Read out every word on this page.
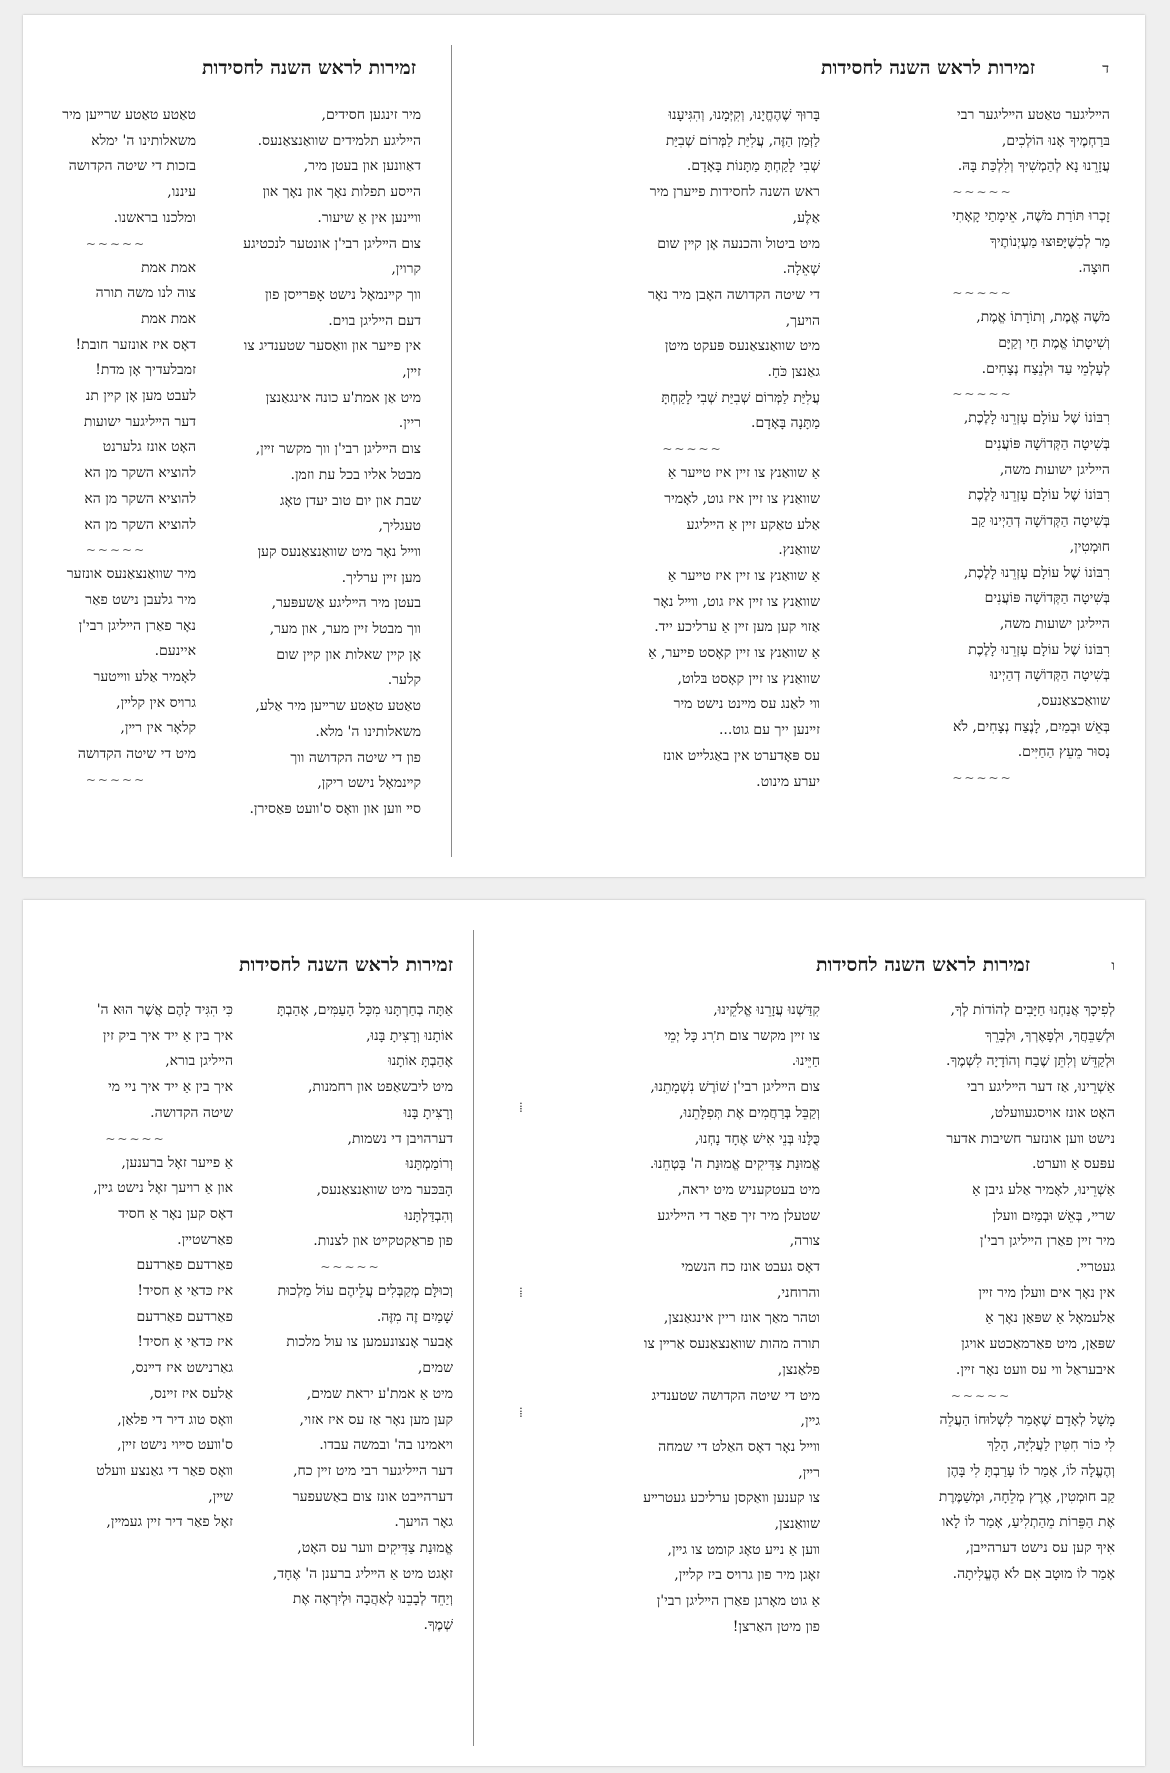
זמירות לראש השנה לחסידות	ד
הײליגער טאַטע הײליגער רבי
בּרַחְמֶיךָ אָנוּ הוֹלְכִים,
עֲזָרֵנוּ נָא לְהַמְשִׁיךְ וְלִלְכַּת בָּהּ.
~~∽~~
זָכְרוּ תּוֹרַת מֹשֶׁה, אֵימָתַי קָאָתִי
מַר לְכִשֶּׁיָּפוּצוּ מַעְיְנוֹתֶיךָ
חוּצָה.
~~∽~~
מֹשֶׁה אֱמֶת, וְתוֹרָתוֹ אֱמֶת,
וְשִׁיטָתוֹ אֱמֶת חַי וְקַיָּם
לְעָלְמֵי עַד וּלְנֵצַח נְצָחִים.
~~∽~~
רִבּוֹנוֹ שֶׁל עוֹלָם עָזְרֵנוּ לָלֶכֶת,
בְּשִׁיטָה הַקְּדוֹשָׁה פּוֹעֲנִים
הײליגן ישועות משה,
רִבּוֹנוֹ שֶׁל עוֹלָם עָזְרֵנוּ לָלֶכֶת
בְּשִׁיטָה הַקְּדוֹשָׁה דְהַיְינוּ קַב
חוּמְטִין,
רִבּוֹנוֹ שֶׁל עוֹלָם עָזְרֵנוּ לָלֶכֶת,
בְּשִׁיטָה הַקְּדוֹשָׁה פּוֹעֲנִים
הײליגן ישועות משה,
רִבּוֹנוֹ שֶׁל עוֹלָם עָזְרֵנוּ לָלֶכֶת
בְּשִׁיטָה הַקְּדוֹשָׁה דְהַיְינוּ
שוואַכצאַנעס,
בְּאֵשׁ וּבְמַיִם, לָנֶצַח נְצָחִים, לֹא
נָסוּר מֵעֵץ הַחַיִּים.
~~∽~~
בָּרוּךְ שֶׁהֶחֱיָנוּ, וְקִיְּמָנוּ, וְהִגִּיעָנוּ
לַזְּמַן הַזֶּה, עֲלִיַּת לַמְּרוֹם שְׁבִיַּת
שְׁבִי לָקַחְתָּ מַתָּנוֹת בָּאָדָם.
ראש השנה לחסידות פײערן מיר
אַלֶע,
מיט ביטול והכנעה אָן קײן שום
שְׁאֵלָה.
די שיטה הקדושה האָבן מיר נאָר
הױעך,
מיט שוואַנצאַנעס פּעקט מיטן
גאַנצן כֹּחַ.
עֲלִיַּת לַמְּרוֹם שְׁבִיַּת שְׁבִי לָקַחְתָּ
מַתָּנָה בָּאָדָם.
~~∽~~
אַ שוואַנץ צו זײן איז טײער אַ
שוואַנץ צו זײן איז גוט, לאָמיר
אַלע טאַקע זײן אַ הײליגע
שוואַנץ.
אַ שוואַנץ צו זײן איז טײער אַ
שוואַנץ צו זײן איז גוט, װײל נאָר
אַזױ קען מען זײן אַ ערליכע ייד.
אַ שוואַנץ צו זײן קאָסט פײער, אַ
שוואַנץ צו זײן קאָסט בּלוט,
װי לאַנג עס מײנט נישט מיר
זײנען ייך עם גוט...
עס פּאָדערט אין באַגלײט אונז
יערע מינוט.
זמירות לראש השנה לחסידות
מיר זינגען חסידים,
הײליגע תלמידים שוואַנצאַנעס.
דאַוונען און בעטן מיר,
הײסע תפלות נאָך און נאָך און
װײנען אין אַ שיעור.
צום הײליגן רבי'ן אונטער לנכטיגע
קרוין,
ווך קײנמאָל נישט אָפּרײסן פון
דעם הײליגן בוים.
אין פײער און װאַסער שטענדיג צו
זײן,
מיט אַן אמת'ע כונה אינגאַנצן
ריין.
צום הײליגן רבי'ן ווך מקשר זײן,
מבטל אליו בכל עת וזמן.
שבת און יום טוב יעדן טאָג
טעגליך,
װײל נאָר מיט שוואַנצאַנעס קען
מען זײן ערליך.
בעטן מיר הײליגע אַשעפּער,
ווך מבטל זײן מער, און מער,
אָן קײן שאלות און קײן שום
קלער.
טאַטע טאַטע שרײען מיר אַלע,
משאלותינו ה' מלא.
פון די שיטה הקדושה ווך
קײנמאָל נישט ריקן,
סײ װען און װאָס ס'װעט פּאַסירן.
טאַטע טאַטע שרײען מיר
משאלותינו ה' ימלא
בזכות די שיטה הקדושה
עיננו,
ומלכנו בראשנו.
~~∽~~
אמת אמת
צוה לנו משה תורה
אמת אמת
דאָס איז אונזער חובת!
זמבלעדיך אָן מדת!
לעבט מען אָן קײן תנ
דער הײליגער ישועות
האָט אונז גלערנט
להוציא השקר מן הא
להוציא השקר מן הא
להוציא השקר מן הא
~~∽~~
מיר שוואַנצאַנעס אונזער
מיר גלעבן נישט פאַר
נאָר פאַרן הײליגן רבי'ן
איינעם.
לאָמיר אַלע װײטער
גרױס אין קלײן,
קלאָר אין רײן,
מיט די שיטה הקדושה
~~∽~~
⁞
⁞
⁞
זמירות לראש השנה לחסידות	ו
לְפִיכָךְ אֲנַחְנוּ חַיָּבִים לְהוֹדוֹת לְךָ,
וּלְשַׁבֵּחֲךָ, וּלְפָאֶרְךָ, וּלְבָרֵךְ
וּלְקַדֵּשׁ וְלִתֵּן שֶׁבַח וְהוֹדָיָה לִשְׁמֶךָ.
אַשְׁרֵינוּ, אַז דער הײליגע רבי
האָט אונז אויסגעװעלט,
נישט װען אונזער חשיבות אדער
עפּעס אַ װערט.
אַשְׁרֵינוּ, לאָמיר אַלע גיבן אַ
שרײ, בְּאֵשׁ וּבְמַיִם װעלן
מיר זײן פאַרן הײליגן רבי'ן
געטרײ.
אין נאָך אים װעלן מיר זײן
אַלעמאָל אַ שפּאַן נאָך אַ
שפּאַן, מיט פאַרמאַכטע אויגן
איבעראַל װי עס װעט נאָר זײן.
~~∽~~
מָשָׁל לְאָדָם שֶׁאָמַר לִשְׁלוּחוֹ הַעֲלֵה
לִי כּוֹר חִטִּין לַעֲלִיָּה, הָלַךְ
וְהֶעֱלָה לוֹ, אָמַר לוֹ עָרַבְתָּ לִי בָּהֶן
קַב חוּמְטִין, אֶרֶץ מְלֵחָה, וּמְשַׁמֶּרֶת
אֶת הַפֵּרוֹת מֵהַתְלִיעַ, אָמַר לוֹ לָאו
אִיךְ קען עס נישט דערהײבן,
אָמַר לוֹ מוּטָב אִם לֹא הֶעֱלִיתָה.
קִדַּשְׁנוּ עֲזָרֵנוּ אֱלֹקֵינוּ,
צו זײן מקשר צום ת'ִרג כָּל יְמֵי
חַיֵּינוּ.
צום הײליגן רבי'ן שׁוֹרֶשׁ נִשְׁמָתֵנוּ,
וְקַבֵּל בְּרַחֲמִים אֶת תְּפִלָּתֵנוּ,
כֻּלָּנוּ בְּנֵי אִישׁ אֶחָד נָחְנוּ,
אֱמוּנַת צַדִּיקִים אֱמוּנַת ה' בָּטְחֵנוּ.
מיט בעטקעניש מיט יראה,
שטעלן מיר זיך פאַר די הײליגע
צורה,
דאָס געבט אונז כח הנשמי
והרוחני,
וטהר מאַך אונז ריין אינגאַנצן,
תורה מהות שוואַנצאַנעס אַרײן צו
פלאַנצן,
מיט די שיטה הקדושה שטענדיג
גײן,
װײל נאָר דאָס האַלט די שמחה
רײן,
צו קענען װאַקסן ערליכע געטרײע
שוואַנצן,
װען אַ נײע טאָג קומט צו גײן,
זאָגן מיר פון גרױס ביז קלײן,
אַ גוט מאָרגן פאַרן הײליגן רבי'ן
פון מיטן האַרצן!
זמירות לראש השנה לחסידות
אַתָּה בְחַרְתָּנוּ מִכָּל הָעַמִּים, אָהַבְתָּ
אוֹתָנוּ וְרָצִיתָ בָּנוּ,
אָהַבְתָּ אוֹתָנוּ
מיט ליבשאַפט און רחמנות,
וְרָצִיתָ בָּנוּ
דערהױבן די נשמות,
וְרוֹמַמְתָּנוּ
הָבּכּער מיט שוואַנצאַנעס,
וְהִבְדַּלְתָּנוּ
פון פראַקטקײט און לצנות.
~~∽~~
וְכוּלָּם מְקַבְּלִים עֲלֵיהֶם עוֹל מַלְכוּת
שָׁמַיִם זֶה מִזֶּה.
אָבער אָנצונעמען צו עול מלכות
שמים,
מיט אַ אמת'ע יראת שמים,
קען מען נאָר אַז עס איז אזוי,
ויאמינו בה' ובמשה עבדו.
דער הײליגער רבי מיט זײן כח,
דערהײבט אונז צום באַשעפער
גאָר הױעך.
אֱמוּנַת צַדִּיקִים װער עס האָט,
זאָגט מיט אַ הײליג ברענן ה' אֶחָד,
וְיַחֵד לְבָבֵנוּ לְאַהֲבָה וּלְיִרְאָה אֶת
שְׁמֶךָ.
כִּי הִגִּיד לָהֶם אֲשֶׁר הוּא ה'
איך בין אַ ייד איך ביק זין
הײליגן בורא,
איך בין אַ ייד איך ניי מי
שיטה הקדושה.
~~∽~~
אַ פײער זאָל ברענען,
און אַ רױעך זאָל נישט גײן,
דאָס קען נאָר אַ חסיד
פאַרשטײן.
פאַרדעם פאַרדעם
איז כּדאַי אַ חסיד!
פאַרדעם פאַרדעם
איז כּדאַי אַ חסיד!
גאַרנישט איז דײנס,
אַלעס איז זײנס,
װאָס טוג דיר די פלאַן,
ס'װעט סײוי נישט זײן,
װאָס פאַר די גאַנצע װעלט
שײן,
זאָל פאַר דיר זײן געמײן,
